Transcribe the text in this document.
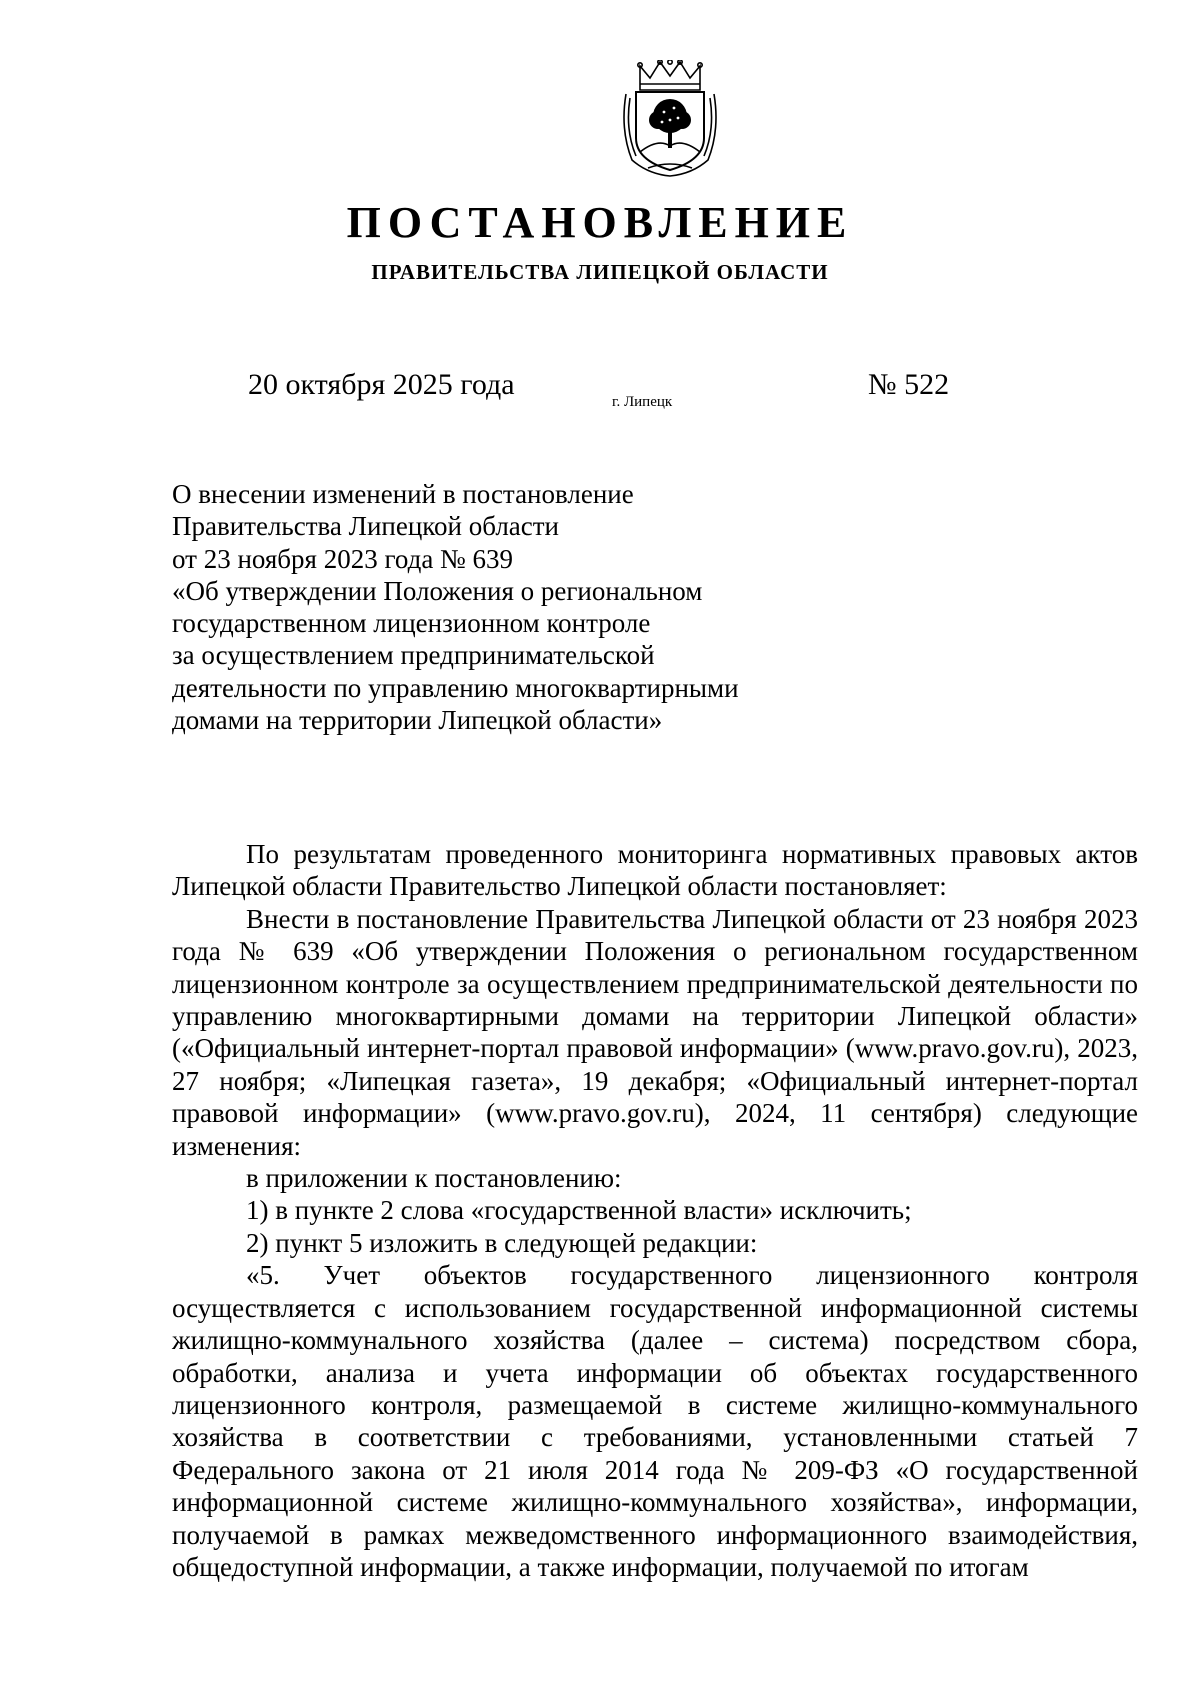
ПОСТАНОВЛЕНИЕ
ПРАВИТЕЛЬСТВА ЛИПЕЦКОЙ ОБЛАСТИ
20 октября 2025 года
г. Липецк
№ 522
О внесении изменений в постановление
Правительства Липецкой области
от 23 ноября 2023 года № 639
«Об утверждении Положения о региональном
государственном лицензионном контроле
за осуществлением предпринимательской
деятельности по управлению многоквартирными
домами на территории Липецкой области»

По результатам проведенного мониторинга нормативных правовых актов Липецкой области Правительство Липецкой области постановляет:

Внести в постановление Правительства Липецкой области от 23 ноября 2023 года № 639 «Об утверждении Положения о региональном государственном лицензионном контроле за осуществлением предпринимательской деятельности по управлению многоквартирными домами на территории Липецкой области» («Официальный интернет-портал правовой информации» (www.pravo.gov.ru), 2023, 27 ноября; «Липецкая газета», 19 декабря; «Официальный интернет-портал правовой информации» (www.pravo.gov.ru), 2024, 11 сентября) следующие изменения:

в приложении к постановлению:

1) в пункте 2 слова «государственной власти» исключить;

2) пункт 5 изложить в следующей редакции:

«5. Учет объектов государственного лицензионного контроля осуществляется с использованием государственной информационной системы жилищно-коммунального хозяйства (далее – система) посредством сбора, обработки, анализа и учета информации об объектах государственного лицензионного контроля, размещаемой в системе жилищно-коммунального хозяйства в соответствии с требованиями, установленными статьей 7 Федерального закона от 21 июля 2014 года № 209-ФЗ «О государственной информационной системе жилищно-коммунального хозяйства», информации, получаемой в рамках межведомственного информационного взаимодействия, общедоступной информации, а также информации, получаемой по итогам
